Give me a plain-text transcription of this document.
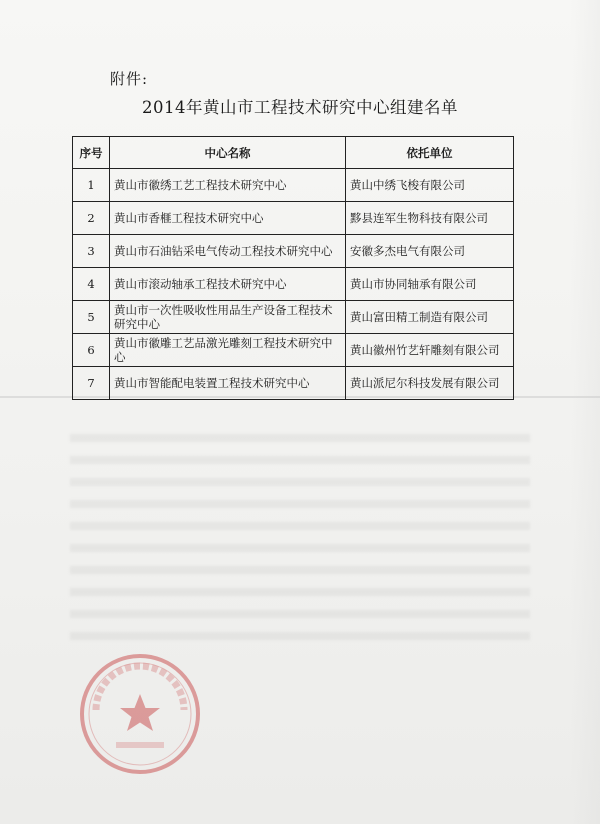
附件:
2014年黄山市工程技术研究中心组建名单
序号	中心名称	依托单位
1	黄山市徽绣工艺工程技术研究中心	黄山中绣飞梭有限公司
2	黄山市香榧工程技术研究中心	黟县连军生物科技有限公司
3	黄山市石油钻采电气传动工程技术研究中心	安徽多杰电气有限公司
4	黄山市滚动轴承工程技术研究中心	黄山市协同轴承有限公司
5	黄山市一次性吸收性用品生产设备工程技术研究中心	黄山富田精工制造有限公司
6	黄山市徽雕工艺品激光雕刻工程技术研究中心	黄山徽州竹艺轩雕刻有限公司
7	黄山市智能配电装置工程技术研究中心	黄山派尼尔科技发展有限公司
